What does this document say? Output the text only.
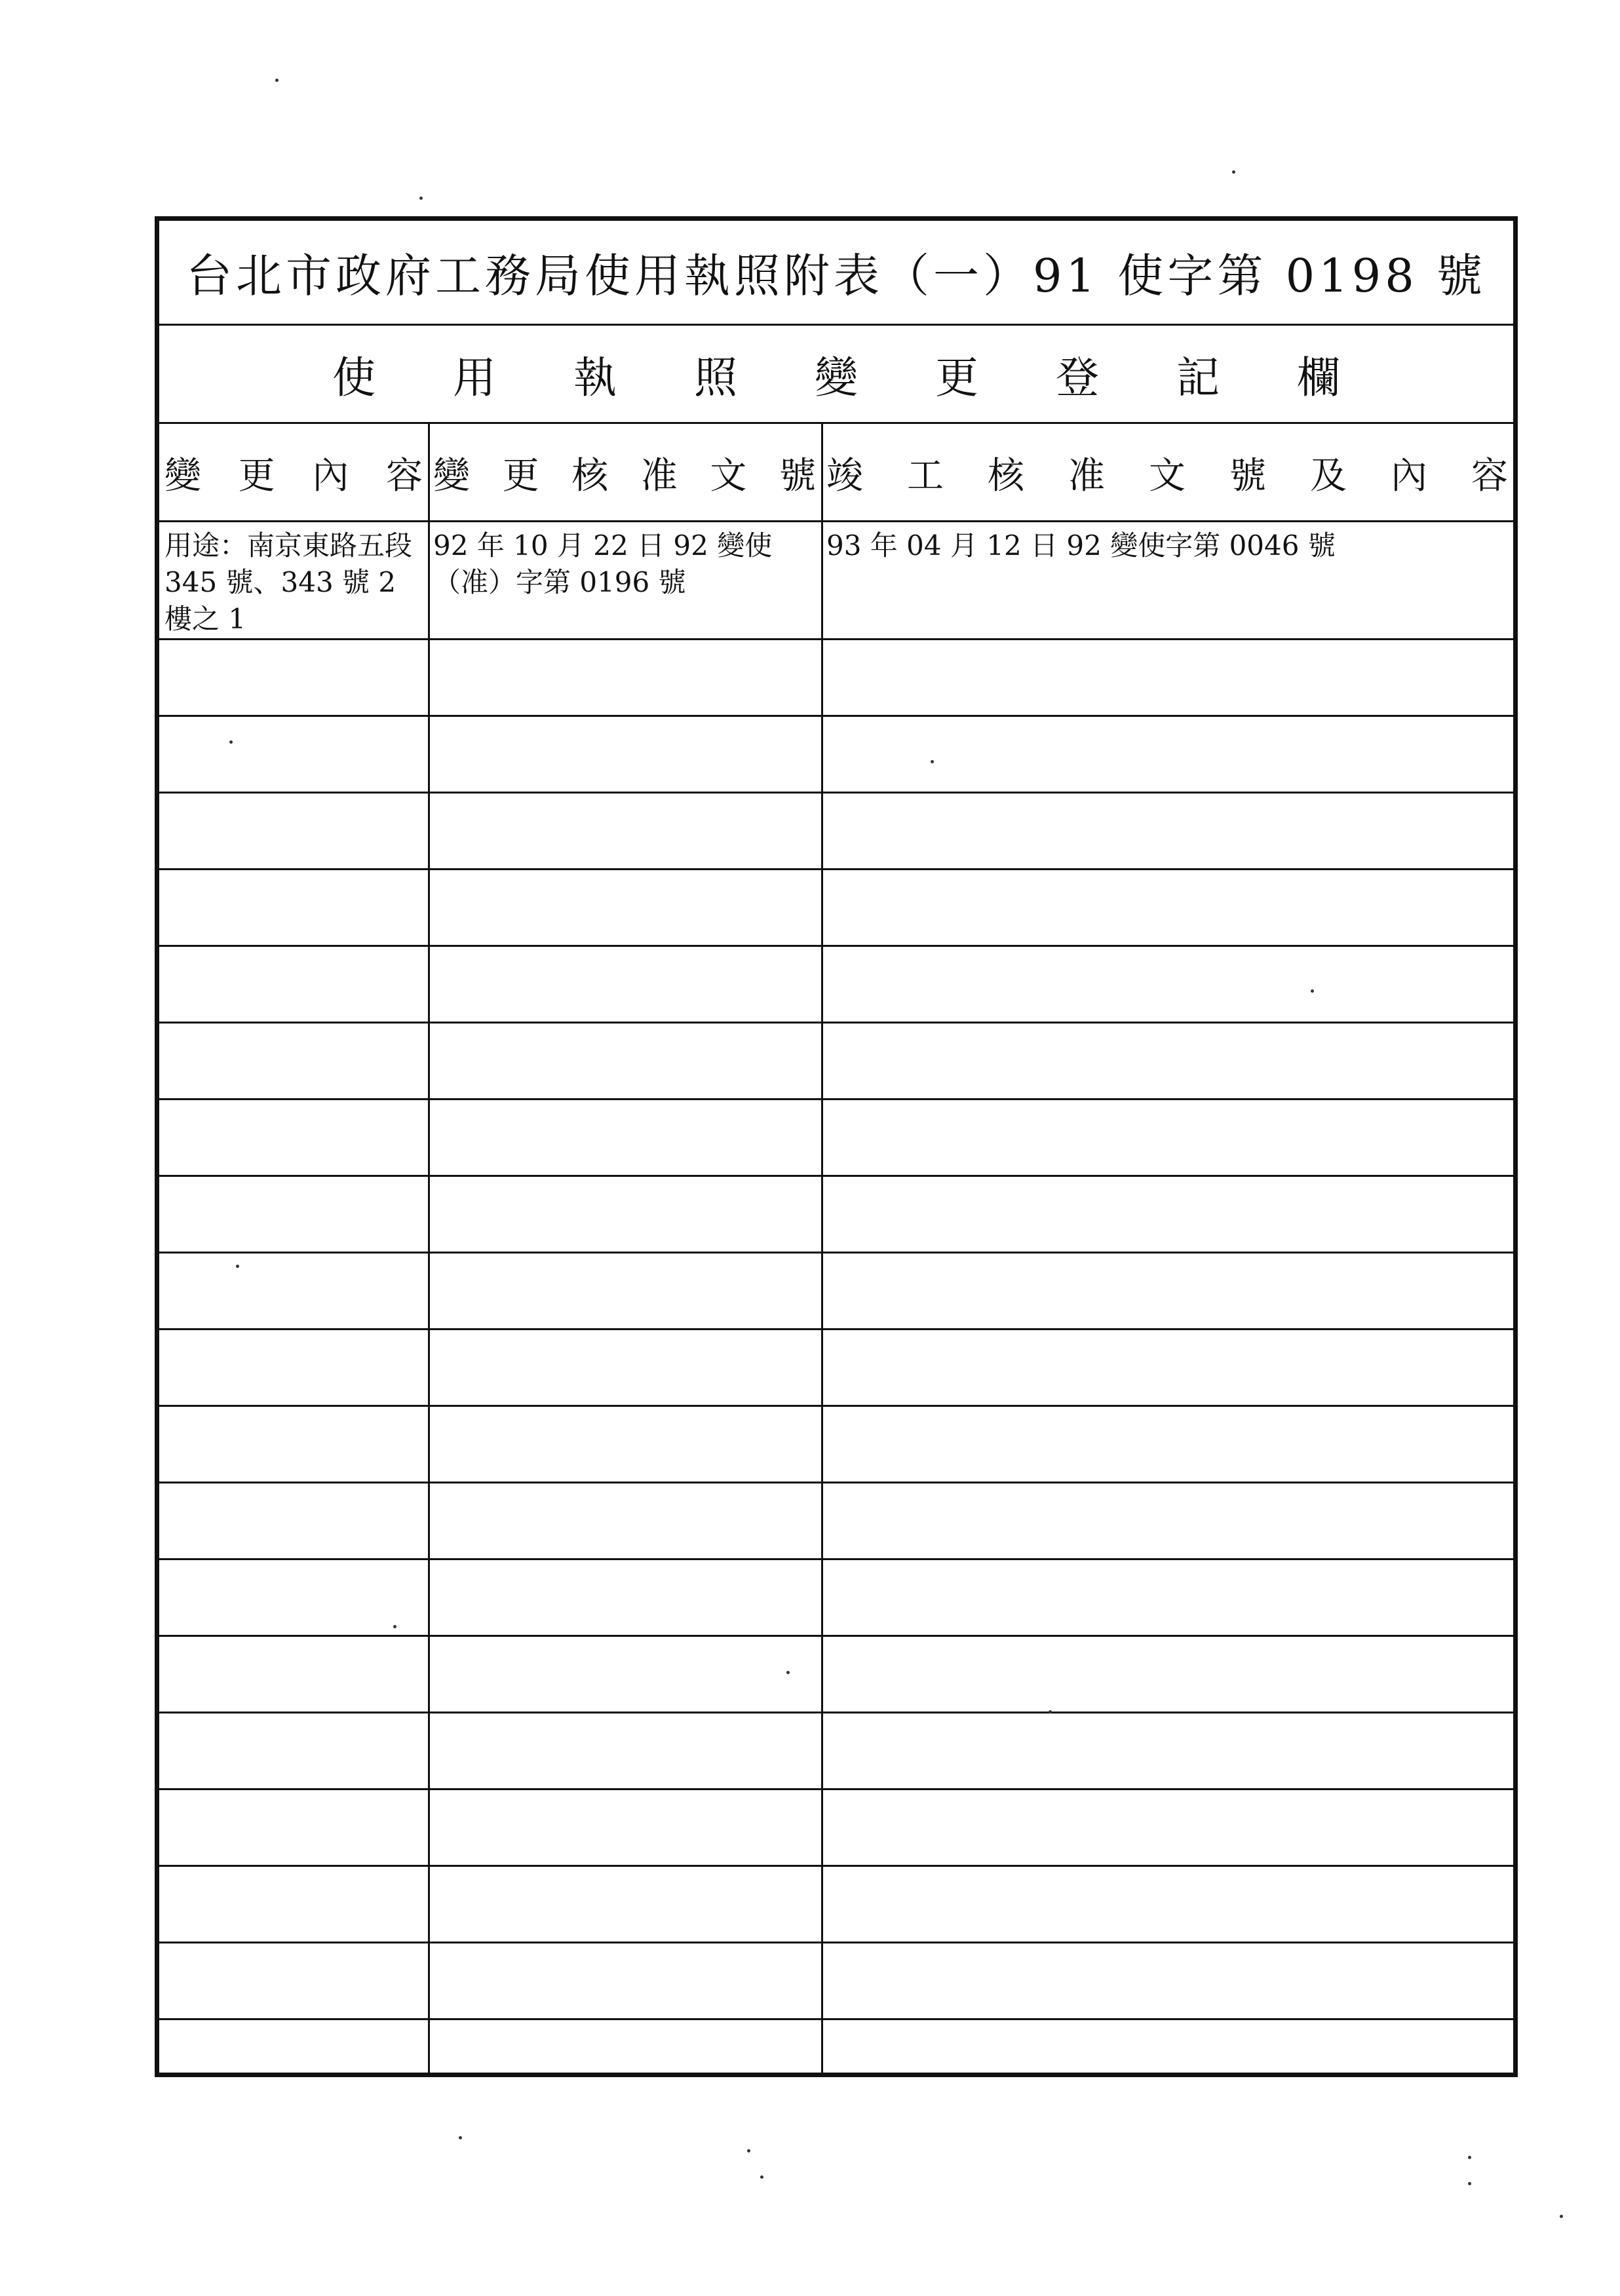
台北市政府工務局使用執照附表（一）91 使字第 0198 號
使用執照變更登記欄
變 更 內 容 變 更 核 准 文 號 竣 工 核 准 文 號 及 內 容
用途：南京東路五段 345 號、343 號 2 樓之 1
92 年 10 月 22 日 92 變使（准）字第 0196 號
93 年 04 月 12 日 92 變使字第 0046 號
